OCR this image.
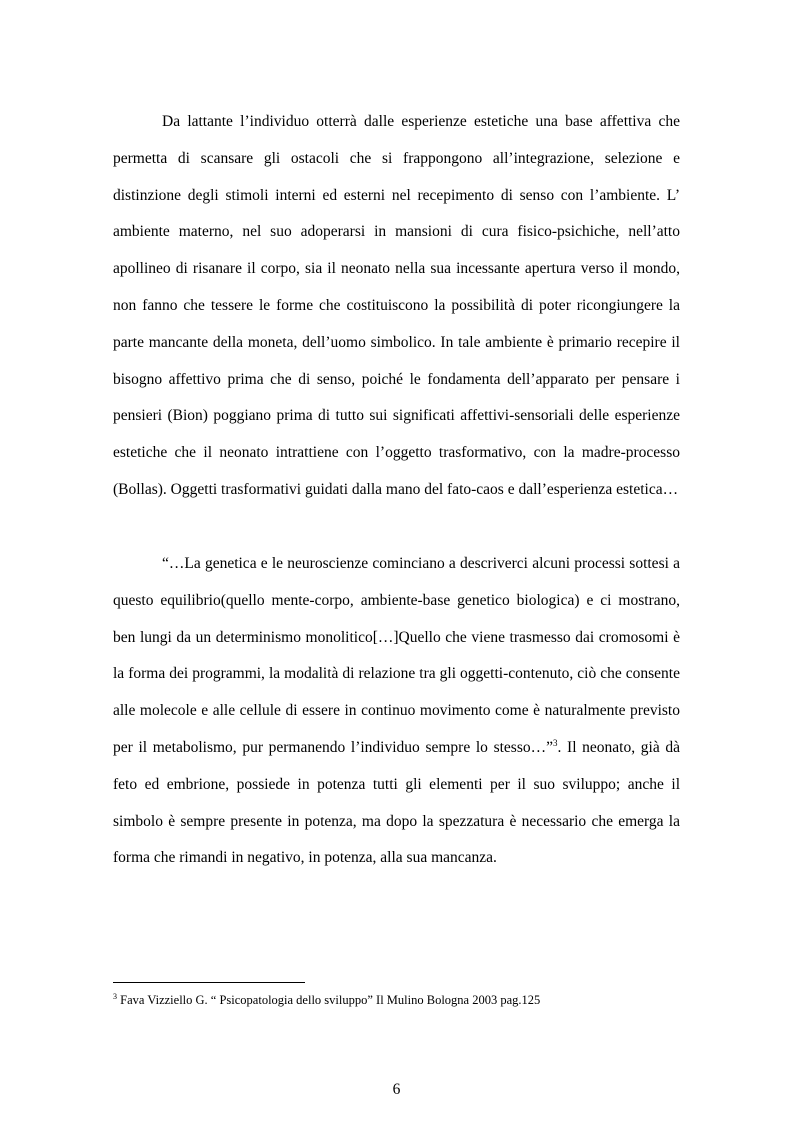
Da lattante l’individuo otterrà dalle esperienze estetiche una base affettiva che permetta di scansare gli ostacoli che si frappongono all’integrazione, selezione e distinzione degli stimoli interni ed esterni nel recepimento di senso con l’ambiente. L’ ambiente materno, nel suo adoperarsi in mansioni di cura fisico-psichiche, nell’atto apollineo di risanare il corpo, sia il neonato nella sua incessante apertura verso il mondo, non fanno che tessere le forme che costituiscono la possibilità di poter ricongiungere la parte mancante della moneta, dell’uomo simbolico. In tale ambiente è primario recepire il bisogno affettivo prima che di senso, poiché le fondamenta dell’apparato per pensare i pensieri (Bion) poggiano prima di tutto sui significati affettivi-sensoriali delle esperienze estetiche che il neonato intrattiene con l’oggetto trasformativo, con la madre-processo (Bollas). Oggetti trasformativi guidati dalla mano del fato-caos e dall’esperienza estetica…

“…La genetica e le neuroscienze cominciano a descriverci alcuni processi sottesi a questo equilibrio(quello mente-corpo, ambiente-base genetico biologica) e ci mostrano, ben lungi da un determinismo monolitico[…]Quello che viene trasmesso dai cromosomi è la forma dei programmi, la modalità di relazione tra gli oggetti-contenuto, ciò che consente alle molecole e alle cellule di essere in continuo movimento come è naturalmente previsto per il metabolismo, pur permanendo l’individuo sempre lo stesso…”$^3$. Il neonato, già dà feto ed embrione, possiede in potenza tutti gli elementi per il suo sviluppo; anche il simbolo è sempre presente in potenza, ma dopo la spezzatura è necessario che emerga la forma che rimandi in negativo, in potenza, alla sua mancanza.

$^3$ Fava Vizziello G. “ Psicopatologia dello sviluppo” Il Mulino Bologna 2003 pag.125
6
